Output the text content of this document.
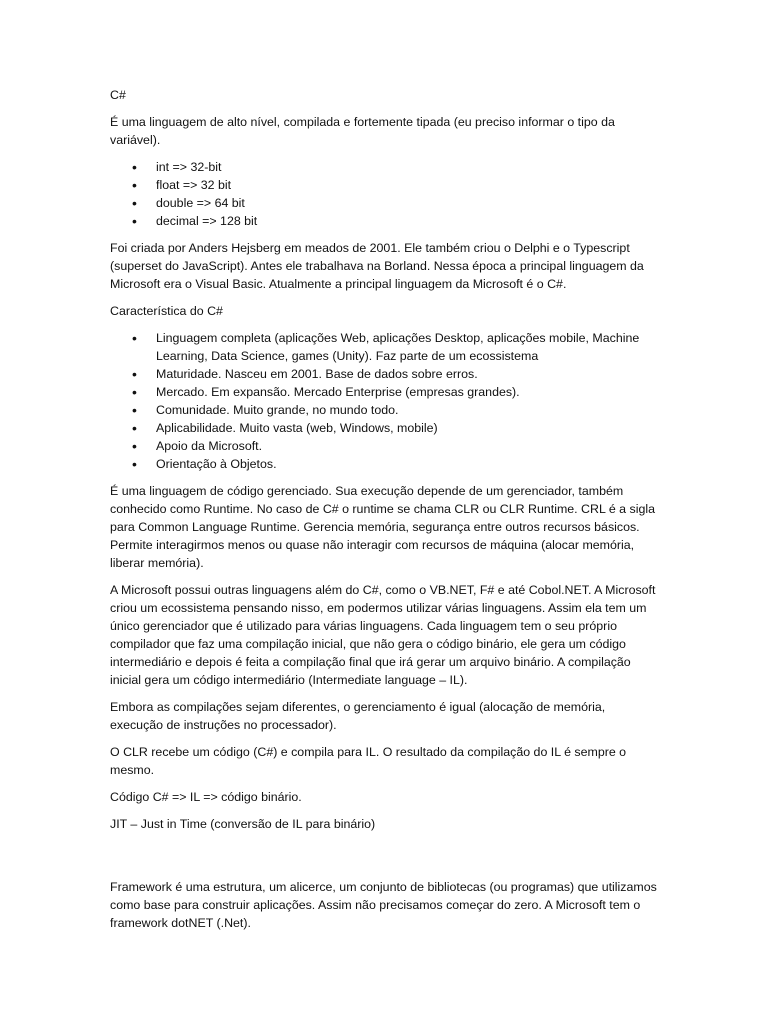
C#

É uma linguagem de alto nível, compilada e fortemente tipada (eu preciso informar o tipo da variável).

• int => 32-bit
• float => 32 bit
• double => 64 bit
• decimal => 128 bit

Foi criada por Anders Hejsberg em meados de 2001. Ele também criou o Delphi e o Typescript (superset do JavaScript). Antes ele trabalhava na Borland. Nessa época a principal linguagem da Microsoft era o Visual Basic. Atualmente a principal linguagem da Microsoft é o C#.

Característica do C#

• Linguagem completa (aplicações Web, aplicações Desktop, aplicações mobile, Machine Learning, Data Science, games (Unity). Faz parte de um ecossistema
• Maturidade. Nasceu em 2001. Base de dados sobre erros.
• Mercado. Em expansão. Mercado Enterprise (empresas grandes).
• Comunidade. Muito grande, no mundo todo.
• Aplicabilidade. Muito vasta (web, Windows, mobile)
• Apoio da Microsoft.
• Orientação à Objetos.

É uma linguagem de código gerenciado. Sua execução depende de um gerenciador, também conhecido como Runtime. No caso de C# o runtime se chama CLR ou CLR Runtime. CRL é a sigla para Common Language Runtime. Gerencia memória, segurança entre outros recursos básicos. Permite interagirmos menos ou quase não interagir com recursos de máquina (alocar memória, liberar memória).

A Microsoft possui outras linguagens além do C#, como o VB.NET, F# e até Cobol.NET. A Microsoft criou um ecossistema pensando nisso, em podermos utilizar várias linguagens. Assim ela tem um único gerenciador que é utilizado para várias linguagens. Cada linguagem tem o seu próprio compilador que faz uma compilação inicial, que não gera o código binário, ele gera um código intermediário e depois é feita a compilação final que irá gerar um arquivo binário. A compilação inicial gera um código intermediário (Intermediate language – IL).

Embora as compilações sejam diferentes, o gerenciamento é igual (alocação de memória, execução de instruções no processador).

O CLR recebe um código (C#) e compila para IL. O resultado da compilação do IL é sempre o mesmo.

Código C# => IL => código binário.

JIT – Just in Time (conversão de IL para binário)

Framework é uma estrutura, um alicerce, um conjunto de bibliotecas (ou programas) que utilizamos como base para construir aplicações. Assim não precisamos começar do zero. A Microsoft tem o framework dotNET (.Net).
